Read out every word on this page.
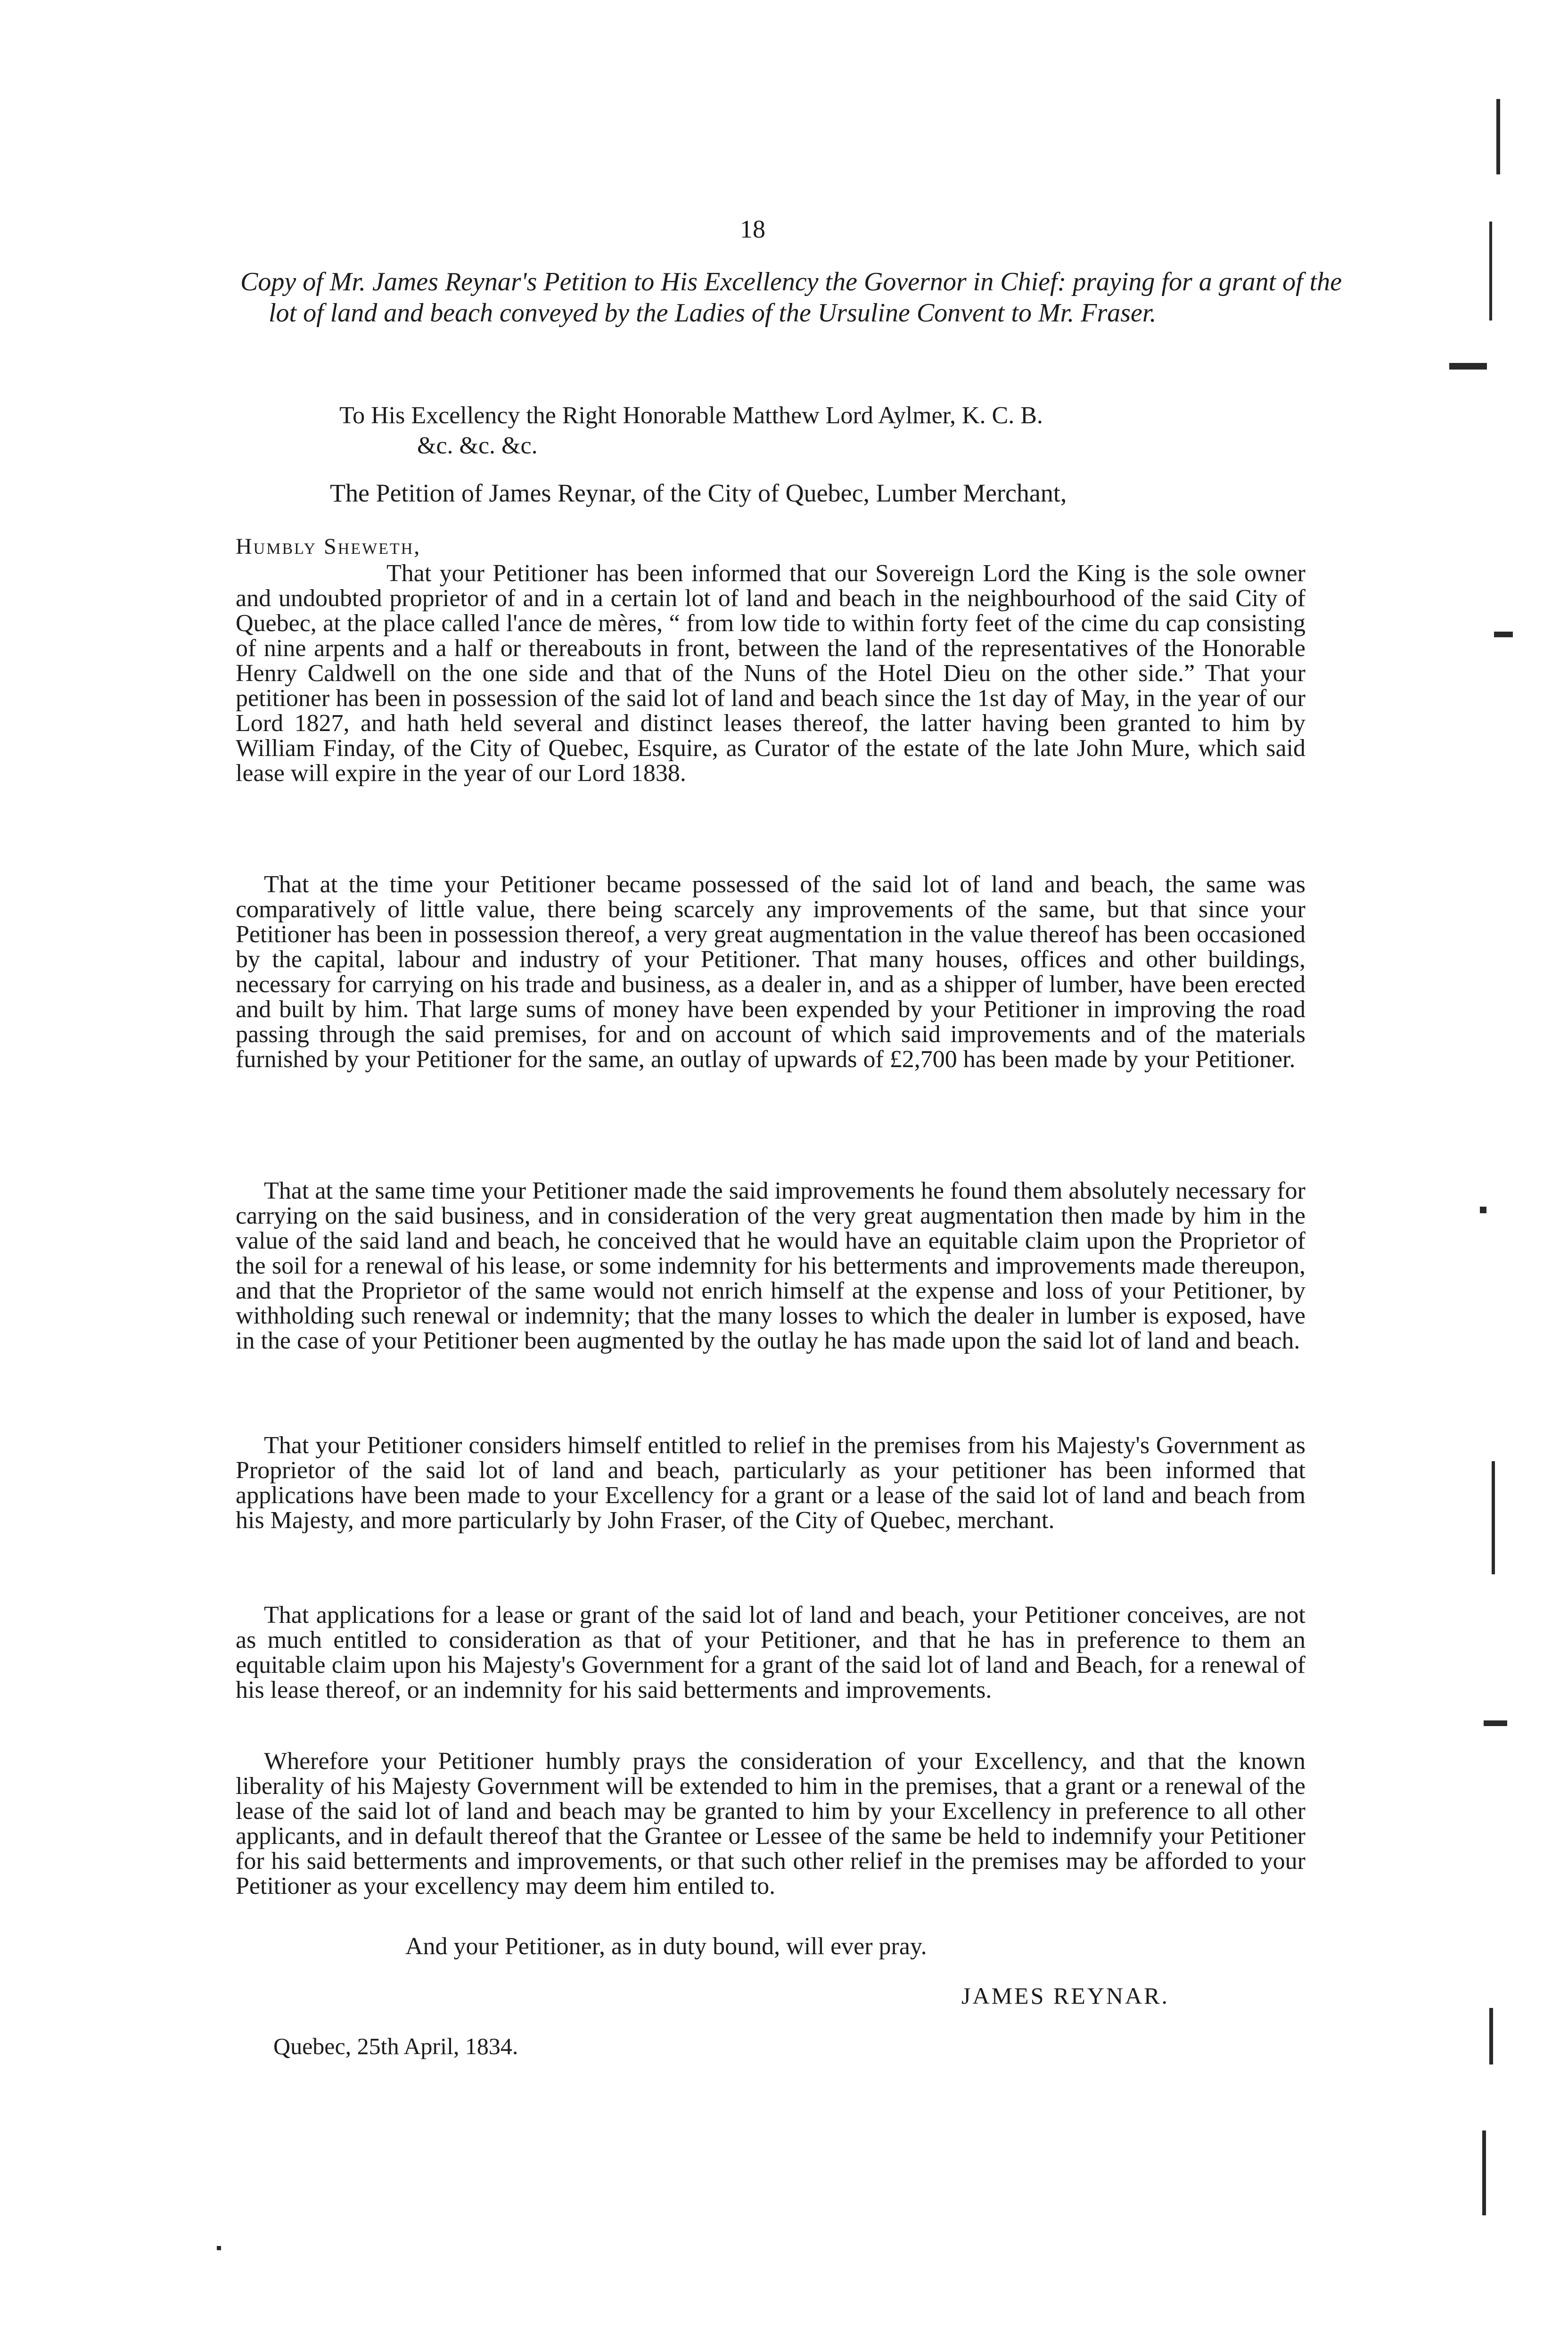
18
Copy of Mr. James Reynar's Petition to His Excellency the Governor in Chief: praying for a grant of the lot of land and beach conveyed by the Ladies of the Ursuline Convent to Mr. Fraser.
To His Excellency the Right Honorable Matthew Lord Aylmer, K. C. B.
&c. &c. &c.
The Petition of James Reynar, of the City of Quebec, Lumber Merchant,
Humbly Sheweth,

That your Petitioner has been informed that our Sovereign Lord the King is the sole owner and undoubted proprietor of and in a certain lot of land and beach in the neighbourhood of the said City of Quebec, at the place called l'ance de mères, “ from low tide to within forty feet of the cime du cap consisting of nine arpents and a half or thereabouts in front, between the land of the representatives of the Honorable Henry Caldwell on the one side and that of the Nuns of the Hotel Dieu on the other side.” That your petitioner has been in possession of the said lot of land and beach since the 1st day of May, in the year of our Lord 1827, and hath held several and distinct leases thereof, the latter having been granted to him by William Finday, of the City of Quebec, Esquire, as Curator of the estate of the late John Mure, which said lease will expire in the year of our Lord 1838.

That at the time your Petitioner became possessed of the said lot of land and beach, the same was comparatively of little value, there being scarcely any improvements of the same, but that since your Petitioner has been in possession thereof, a very great augmentation in the value thereof has been occasioned by the capital, labour and industry of your Petitioner. That many houses, offices and other buildings, necessary for carrying on his trade and business, as a dealer in, and as a shipper of lumber, have been erected and built by him. That large sums of money have been expended by your Petitioner in improving the road passing through the said premises, for and on account of which said improvements and of the materials furnished by your Petitioner for the same, an outlay of upwards of £2,700 has been made by your Petitioner.

That at the same time your Petitioner made the said improvements he found them absolutely necessary for carrying on the said business, and in consideration of the very great augmentation then made by him in the value of the said land and beach, he conceived that he would have an equitable claim upon the Proprietor of the soil for a renewal of his lease, or some indemnity for his betterments and improvements made thereupon, and that the Proprietor of the same would not enrich himself at the expense and loss of your Petitioner, by withholding such renewal or indemnity; that the many losses to which the dealer in lumber is exposed, have in the case of your Petitioner been augmented by the outlay he has made upon the said lot of land and beach.

That your Petitioner considers himself entitled to relief in the premises from his Majesty's Government as Proprietor of the said lot of land and beach, particularly as your petitioner has been informed that applications have been made to your Excellency for a grant or a lease of the said lot of land and beach from his Majesty, and more particularly by John Fraser, of the City of Quebec, merchant.

That applications for a lease or grant of the said lot of land and beach, your Petitioner conceives, are not as much entitled to consideration as that of your Petitioner, and that he has in preference to them an equitable claim upon his Majesty's Government for a grant of the said lot of land and Beach, for a renewal of his lease thereof, or an indemnity for his said betterments and improvements.

Wherefore your Petitioner humbly prays the consideration of your Excellency, and that the known liberality of his Majesty Government will be extended to him in the premises, that a grant or a renewal of the lease of the said lot of land and beach may be granted to him by your Excellency in preference to all other applicants, and in default thereof that the Grantee or Lessee of the same be held to indemnify your Petitioner for his said betterments and improvements, or that such other relief in the premises may be afforded to your Petitioner as your excellency may deem him entiled to.

And your Petitioner, as in duty bound, will ever pray.
JAMES REYNAR.
Quebec, 25th April, 1834.
